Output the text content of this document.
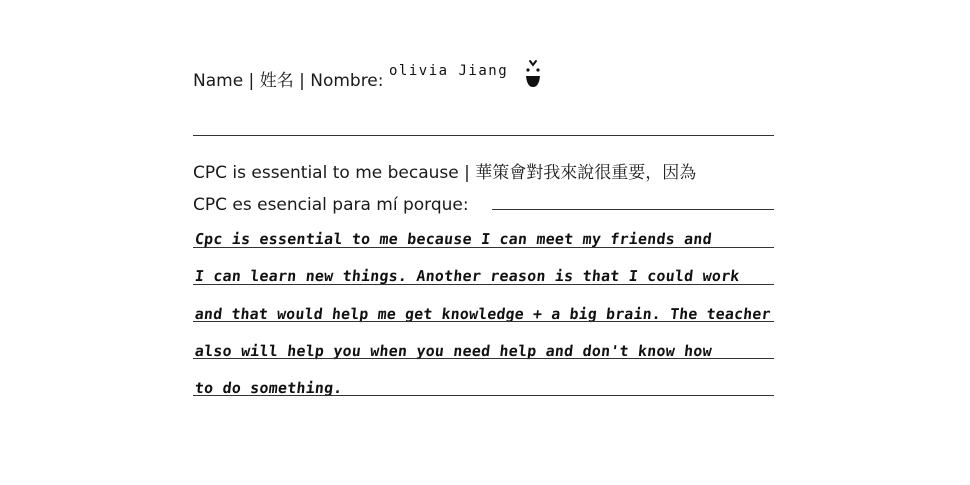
Name | 姓名 | Nombre: olivia Jiang
CPC is essential to me because | 華策會對我來說很重要，因為
CPC es esencial para mí porque:
Cpc is essential to me because I can meet my friends and
I can learn new things. Another reason is that I could work
and that would help me get knowledge + a big brain. The teacher
also will help you when you need help and don't know how
to do something.
